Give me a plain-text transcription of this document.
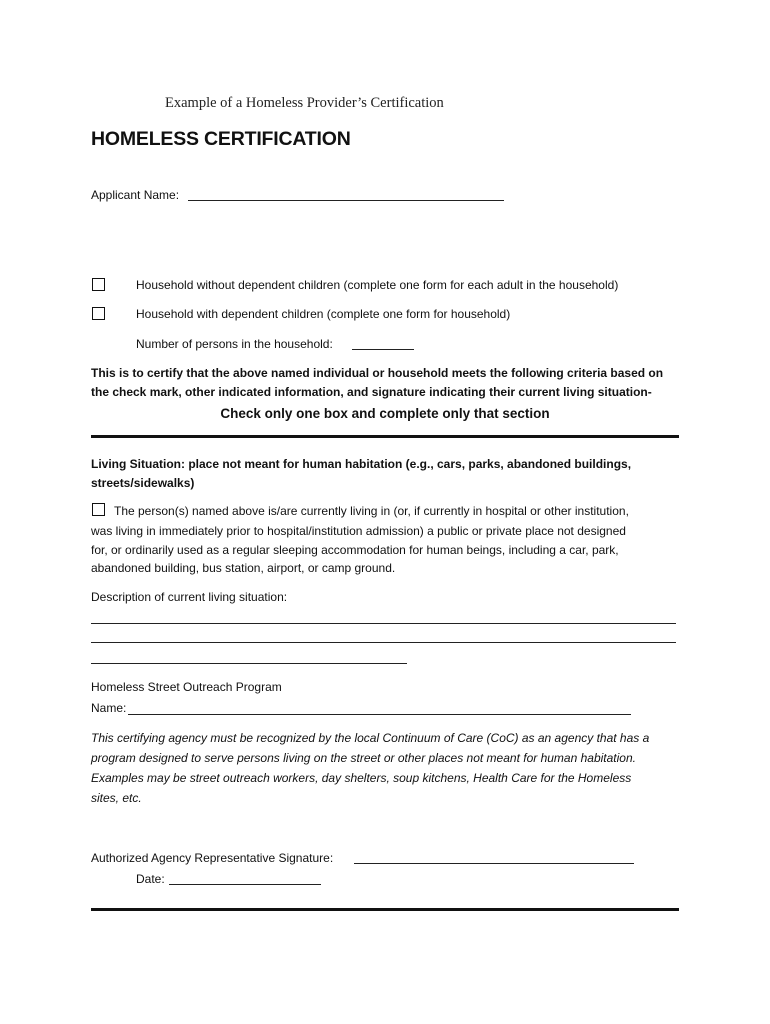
Example of a Homeless Provider’s Certification
HOMELESS CERTIFICATION
Applicant Name:
Household without dependent children (complete one form for each adult in the household)
Household with dependent children (complete one form for household)
Number of persons in the household:
This is to certify that the above named individual or household meets the following criteria based on
the check mark, other indicated information, and signature indicating their current living situation-
Check only one box and complete only that section
Living Situation: place not meant for human habitation (e.g., cars, parks, abandoned buildings,
streets/sidewalks)
The person(s) named above is/are currently living in (or, if currently in hospital or other institution,
was living in immediately prior to hospital/institution admission) a public or private place not designed
for, or ordinarily used as a regular sleeping accommodation for human beings, including a car, park,
abandoned building, bus station, airport, or camp ground.
Description of current living situation:
Homeless Street Outreach Program
Name:
This certifying agency must be recognized by the local Continuum of Care (CoC) as an agency that has a
program designed to serve persons living on the street or other places not meant for human habitation.
Examples may be street outreach workers, day shelters, soup kitchens, Health Care for the Homeless
sites, etc.
Authorized Agency Representative Signature:
Date:
